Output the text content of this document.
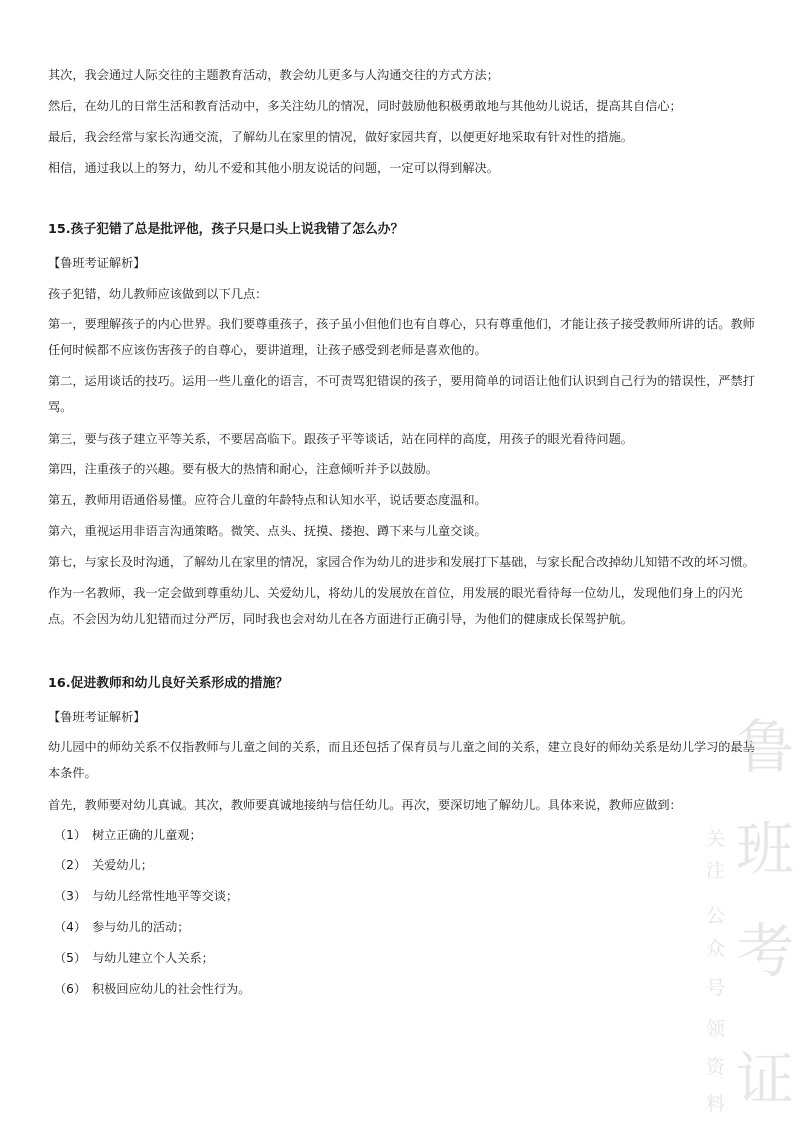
其次，我会通过人际交往的主题教育活动，教会幼儿更多与人沟通交往的方式方法；
然后，在幼儿的日常生活和教育活动中，多关注幼儿的情况，同时鼓励他积极勇敢地与其他幼儿说话，提高其自信心；
最后，我会经常与家长沟通交流，了解幼儿在家里的情况，做好家园共育，以便更好地采取有针对性的措施。
相信，通过我以上的努力，幼儿不爱和其他小朋友说话的问题，一定可以得到解决。
15.孩子犯错了总是批评他，孩子只是口头上说我错了怎么办？
【鲁班考证解析】
孩子犯错，幼儿教师应该做到以下几点：
第一，要理解孩子的内心世界。我们要尊重孩子，孩子虽小但他们也有自尊心，只有尊重他们，才能让孩子接受教师所讲的话。教师任何时候都不应该伤害孩子的自尊心，要讲道理，让孩子感受到老师是喜欢他的。
第二，运用谈话的技巧。运用一些儿童化的语言，不可责骂犯错误的孩子，要用简单的词语让他们认识到自己行为的错误性，严禁打骂。
第三，要与孩子建立平等关系，不要居高临下。跟孩子平等谈话，站在同样的高度，用孩子的眼光看待问题。
第四，注重孩子的兴趣。要有极大的热情和耐心，注意倾听并予以鼓励。
第五，教师用语通俗易懂。应符合儿童的年龄特点和认知水平，说话要态度温和。
第六，重视运用非语言沟通策略。微笑、点头、抚摸、搂抱、蹲下来与儿童交谈。
第七，与家长及时沟通，了解幼儿在家里的情况，家园合作为幼儿的进步和发展打下基础，与家长配合改掉幼儿知错不改的坏习惯。
作为一名教师，我一定会做到尊重幼儿、关爱幼儿，将幼儿的发展放在首位，用发展的眼光看待每一位幼儿，发现他们身上的闪光点。不会因为幼儿犯错而过分严厉，同时我也会对幼儿在各方面进行正确引导，为他们的健康成长保驾护航。
16.促进教师和幼儿良好关系形成的措施？
【鲁班考证解析】
幼儿园中的师幼关系不仅指教师与儿童之间的关系，而且还包括了保育员与儿童之间的关系，建立良好的师幼关系是幼儿学习的最基本条件。
首先，教师要对幼儿真诚。其次，教师要真诚地接纳与信任幼儿。再次，要深切地了解幼儿。具体来说，教师应做到：
（1） 树立正确的儿童观；
（2） 关爱幼儿；
（3） 与幼儿经常性地平等交谈；
（4） 参与幼儿的活动；
（5） 与幼儿建立个人关系；
（6） 积极回应幼儿的社会性行为。
鲁
班
考
证
关
注
公
众
号
领
资
料
